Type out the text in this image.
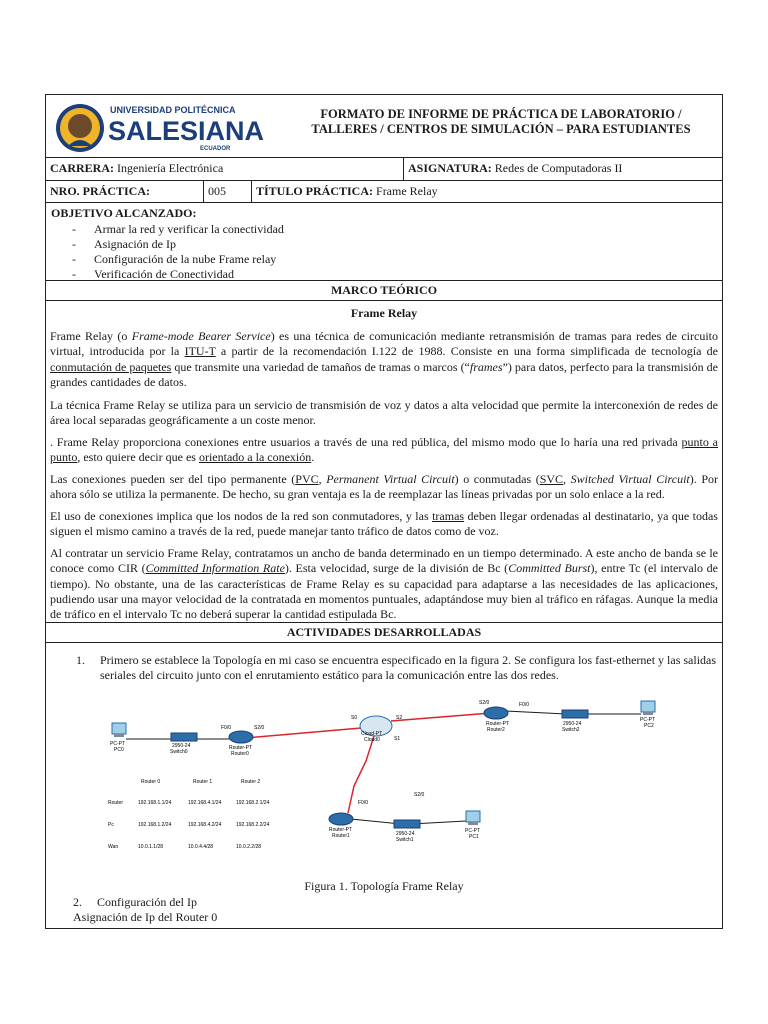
UNIVERSIDAD POLITÉCNICA
SALESIANA
ECUADOR
FORMATO DE INFORME DE PRÁCTICA DE LABORATORIO /
TALLERES / CENTROS DE SIMULACIÓN – PARA ESTUDIANTES
CARRERA: Ingeniería Electrónica	ASIGNATURA: Redes de Computadoras II
NRO. PRÁCTICA:	005	TÍTULO PRÁCTICA: Frame Relay
OBJETIVO ALCANZADO:
- Armar la red y verificar la conectividad
- Asignación de Ip
- Configuración de la nube Frame relay
- Verificación de Conectividad
MARCO TEÓRICO
Frame Relay

Frame Relay (o Frame-mode Bearer Service) es una técnica de comunicación mediante retransmisión de tramas para redes de circuito virtual, introducida por la ITU-T a partir de la recomendación I.122 de 1988. Consiste en una forma simplificada de tecnología de conmutación de paquetes que transmite una variedad de tamaños de tramas o marcos (“frames”) para datos, perfecto para la transmisión de grandes cantidades de datos.

La técnica Frame Relay se utiliza para un servicio de transmisión de voz y datos a alta velocidad que permite la interconexión de redes de área local separadas geográficamente a un coste menor.

. Frame Relay proporciona conexiones entre usuarios a través de una red pública, del mismo modo que lo haría una red privada punto a punto, esto quiere decir que es orientado a la conexión.

Las conexiones pueden ser del tipo permanente (PVC, Permanent Virtual Circuit) o conmutadas (SVC, Switched Virtual Circuit). Por ahora sólo se utiliza la permanente. De hecho, su gran ventaja es la de reemplazar las líneas privadas por un solo enlace a la red.

El uso de conexiones implica que los nodos de la red son conmutadores, y las tramas deben llegar ordenadas al destinatario, ya que todas siguen el mismo camino a través de la red, puede manejar tanto tráfico de datos como de voz.

Al contratar un servicio Frame Relay, contratamos un ancho de banda determinado en un tiempo determinado. A este ancho de banda se le conoce como CIR (Committed Information Rate). Esta velocidad, surge de la división de Bc (Committed Burst), entre Tc (el intervalo de tiempo). No obstante, una de las características de Frame Relay es su capacidad para adaptarse a las necesidades de las aplicaciones, pudiendo usar una mayor velocidad de la contratada en momentos puntuales, adaptándose muy bien al tráfico en ráfagas. Aunque la media de tráfico en el intervalo Tc no deberá superar la cantidad estipulada Bc.

ACTIVIDADES DESARROLLADAS
1. Primero se establece la Topología en mi caso se encuentra especificado en la figura 2. Se configura los fast-ethernet y las salidas seriales del circuito junto con el enrutamiento estático para la comunicación entre las dos redes.

PC-PT
PC0
2950-24
Switch0
Router-PT
Router0
F0/0	S2/0
Cloud-PT
Cloud0
S0	S2
S1
Router-PT
Router2
S2/0	F0/0
2950-24
Switch2
PC-PT
PC2
Router-PT
Router1
F0/0
S2/0
2950-24
Switch1
PC-PT
PC1
Router 0	Router 1	Router 2
Router	192.168.1.1/24	192.168.4.1/24	192.168.2.1/24
Pc	192.168.1.2/24	192.168.4.2/24	192.168.2.2/24
Wan	10.0.1.1/28	10.0.4.4/28	10.0.2.2/28
Figura 1. Topología Frame Relay
2. Configuración del Ip
Asignación de Ip del Router 0
